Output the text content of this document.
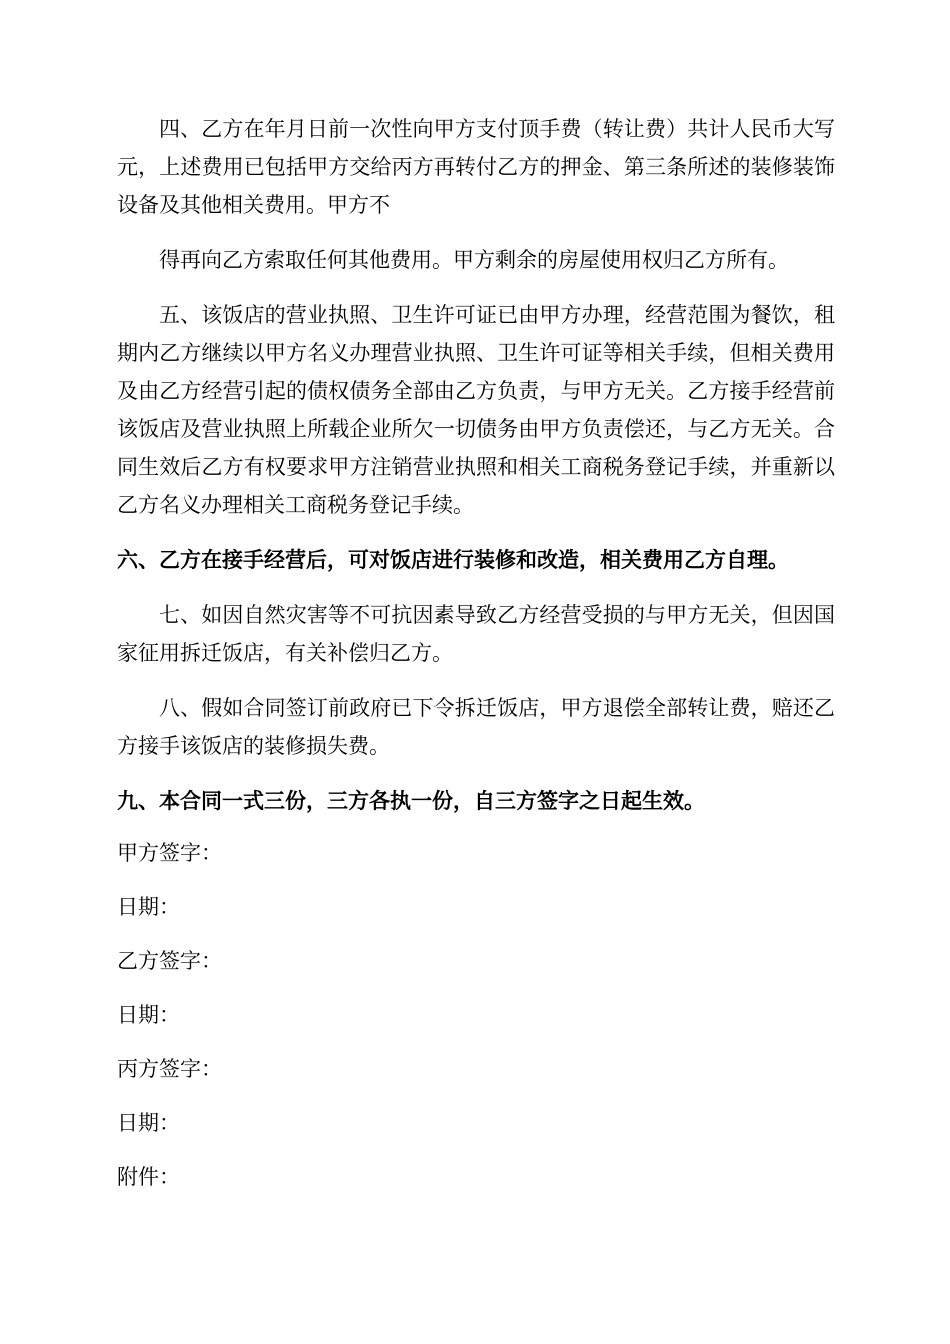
四、乙方在年月日前一次性向甲方支付顶手费（转让费）共计人民币大写元，上述费用已包括甲方交给丙方再转付乙方的押金、第三条所述的装修装饰设备及其他相关费用。甲方不

得再向乙方索取任何其他费用。甲方剩余的房屋使用权归乙方所有。

五、该饭店的营业执照、卫生许可证已由甲方办理，经营范围为餐饮，租期内乙方继续以甲方名义办理营业执照、卫生许可证等相关手续，但相关费用及由乙方经营引起的债权债务全部由乙方负责，与甲方无关。乙方接手经营前该饭店及营业执照上所载企业所欠一切债务由甲方负责偿还，与乙方无关。合同生效后乙方有权要求甲方注销营业执照和相关工商税务登记手续，并重新以乙方名义办理相关工商税务登记手续。

六、乙方在接手经营后，可对饭店进行装修和改造，相关费用乙方自理。

七、如因自然灾害等不可抗因素导致乙方经营受损的与甲方无关，但因国家征用拆迁饭店，有关补偿归乙方。

八、假如合同签订前政府已下令拆迁饭店，甲方退偿全部转让费，赔还乙方接手该饭店的装修损失费。

九、本合同一式三份，三方各执一份，自三方签字之日起生效。

甲方签字：

日期：

乙方签字：

日期：

丙方签字：

日期：

附件：
